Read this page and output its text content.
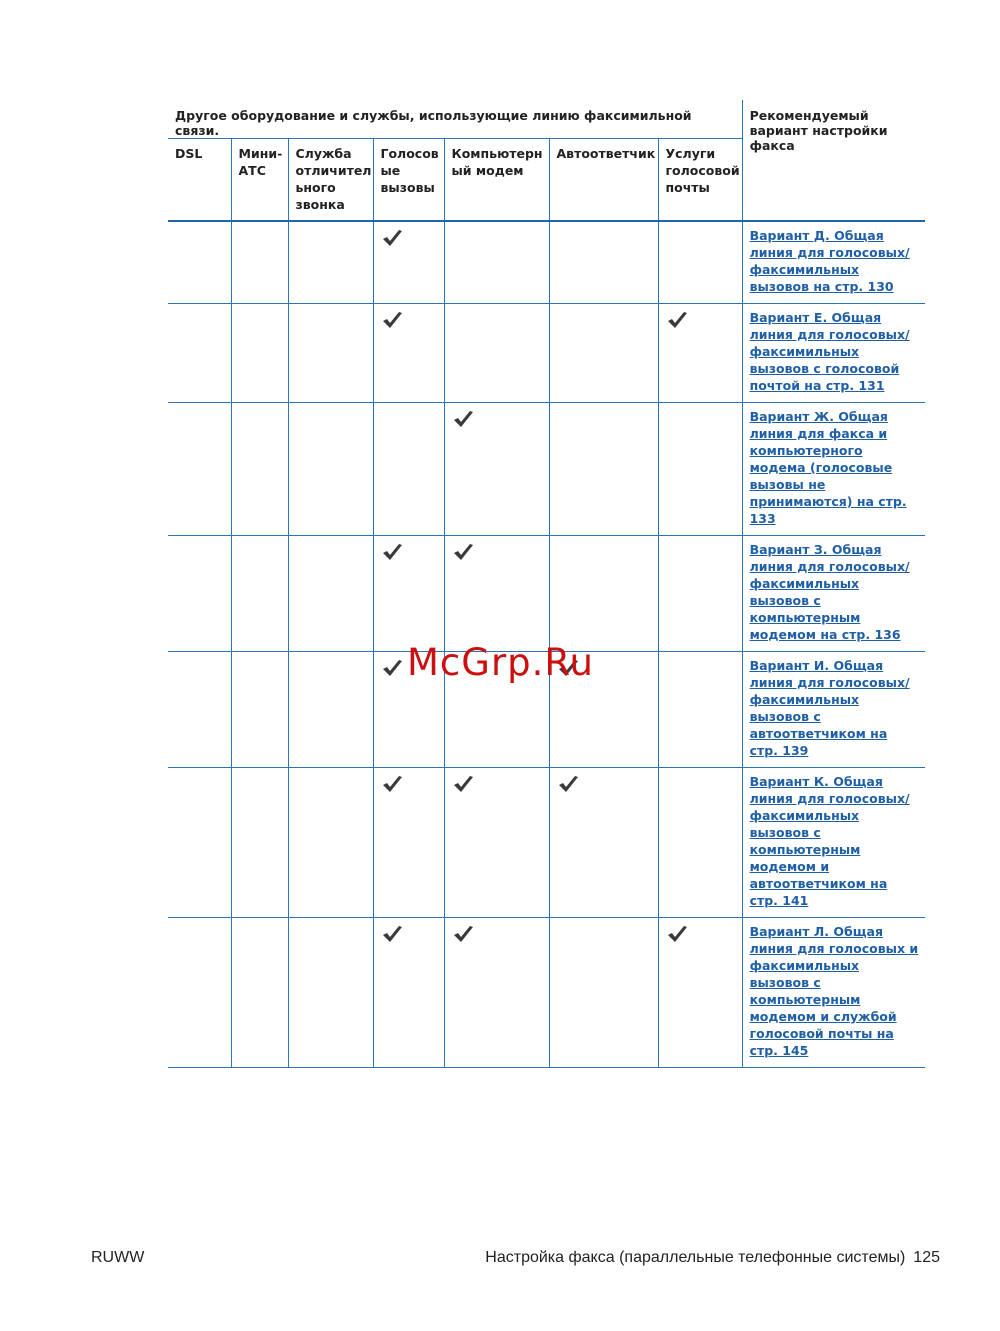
Другое оборудование и службы, использующие линию факсимильной связи.							Рекомендуемый вариант настройки факса
DSL	Мини-АТС	Служба отличител ьного звонка	Голосов ые вызовы	Компьютерн ый модем	Автоответчик	Услуги голосовой почты	
							Вариант Д. Общая линия для голосовых/ факсимильных вызовов на стр. 130
							Вариант Е. Общая линия для голосовых/ факсимильных вызовов с голосовой почтой на стр. 131
							Вариант Ж. Общая линия для факса и компьютерного модема (голосовые вызовы не принимаются) на стр. 133
							Вариант З. Общая линия для голосовых/ факсимильных вызовов с компьютерным модемом на стр. 136
							Вариант И. Общая линия для голосовых/ факсимильных вызовов с автоответчиком на стр. 139
							Вариант К. Общая линия для голосовых/ факсимильных вызовов с компьютерным модемом и автоответчиком на стр. 141
							Вариант Л. Общая линия для голосовых и факсимильных вызовов с компьютерным модемом и службой голосовой почты на стр. 145
McGrp.Ru
RUWW	Настройка факса (параллельные телефонные системы) 125
